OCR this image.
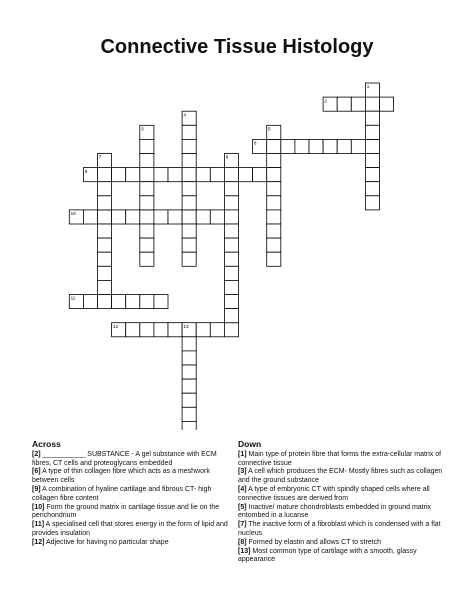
Connective Tissue Histology
1
2
3
4
5
6
7	8
9
10
11
12	13
Across
[2] ___________ SUBSTANCE - A gel substance with ECM fibres, CT cells and proteoglycans embedded
[6] A type of thin collagen fibre which acts as a meshwork between cells
[9] A combination of hyaline cartilage and fibrous CT- high collagen fibre content
[10] Form the ground matrix in cartilage tissue and lie on the perichondrium
[11] A specialised cell that stores energy in the form of lipid and provides insulation
[12] Adjective for having no particular shape
Down
[1] Main type of protein fibre that forms the extra-cellular matrix of connective tissue
[3] A cell which produces the ECM- Mostly fibres such as collagen and the ground substance
[4] A type of embryonic CT with spindly shaped cells where all connective tissues are derived from
[5] Inactive/ mature chondroblasts embedded in ground matrix entombed in a lucanse
[7] The inactive form of a fibroblast which is condensed with a flat nucleus
[8] Formed by elastin and allows CT to stretch
[13] Most common type of cartilage with a smooth, glassy appearance
